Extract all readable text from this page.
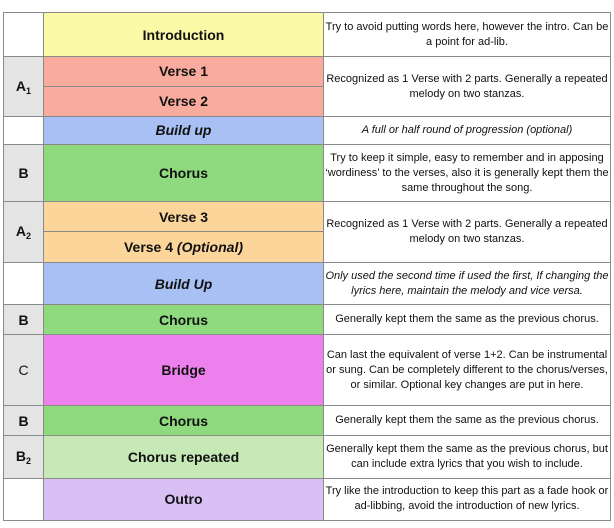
	Introduction	Try to avoid putting words here, however the intro. Can be a point for ad-lib.
$A_1$	Verse 1	Recognized as 1 Verse with 2 parts. Generally a repeated melody on two stanzas.
	Verse 2	
	Build up	A full or half round of progression (optional)
B	Chorus	Try to keep it simple, easy to remember and in apposing ‘wordiness’ to the verses, also it is generally kept them the same throughout the song.
$A_2$	Verse 3	Recognized as 1 Verse with 2 parts. Generally a repeated melody on two stanzas.
	Verse 4 (Optional)	
	Build Up	Only used the second time if used the first, If changing the lyrics here, maintain the melody and vice versa.
B	Chorus	Generally kept them the same as the previous chorus.
C	Bridge	Can last the equivalent of verse 1+2. Can be instrumental or sung. Can be completely different to the chorus/verses, or similar. Optional key changes are put in here.
B	Chorus	Generally kept them the same as the previous chorus.
$B_2$	Chorus repeated	Generally kept them the same as the previous chorus, but can include extra lyrics that you wish to include.
	Outro	Try like the introduction to keep this part as a fade hook or ad-libbing, avoid the introduction of new lyrics.
